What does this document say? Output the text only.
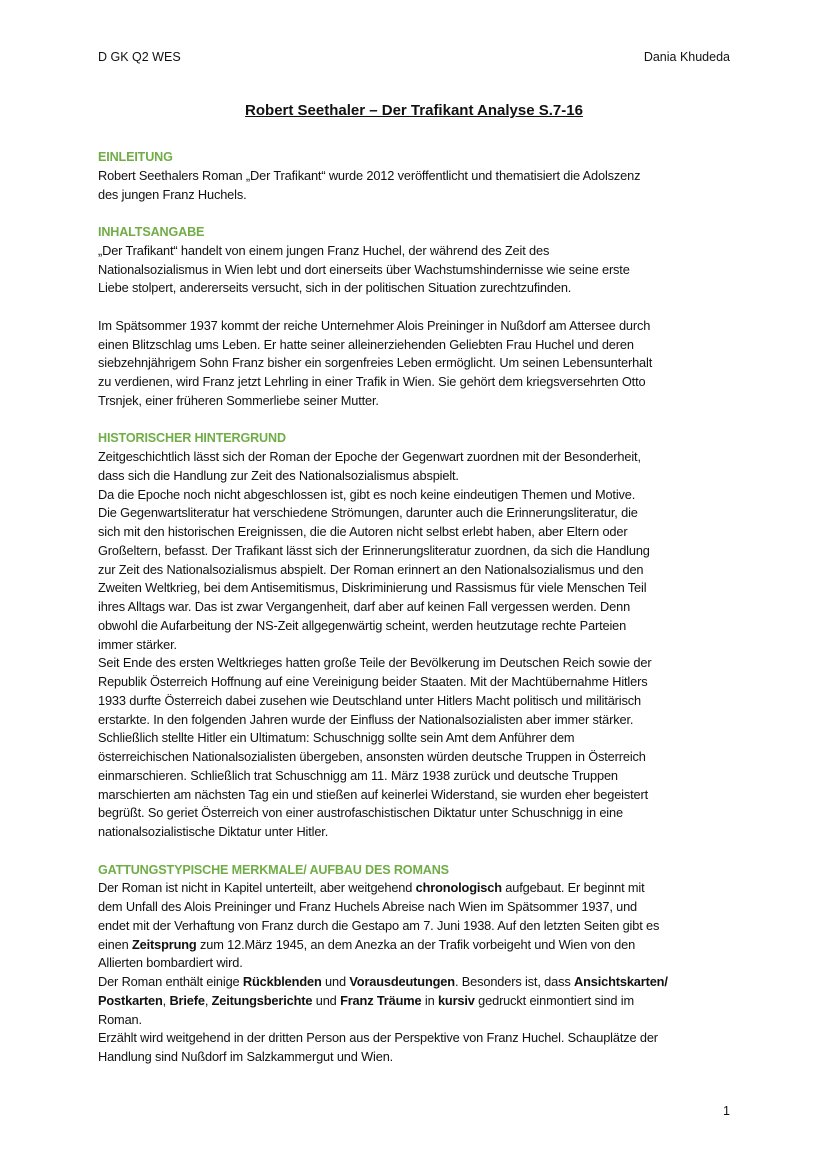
D GK Q2 WES	Dania Khudeda
Robert Seethaler – Der Trafikant Analyse S.7-16
EINLEITUNG
Robert Seethalers Roman „Der Trafikant“ wurde 2012 veröffentlicht und thematisiert die Adolszenz
des jungen Franz Huchels.
INHALTSANGABE
„Der Trafikant“ handelt von einem jungen Franz Huchel, der während des Zeit des
Nationalsozialismus in Wien lebt und dort einerseits über Wachstumshindernisse wie seine erste
Liebe stolpert, andererseits versucht, sich in der politischen Situation zurechtzufinden.
Im Spätsommer 1937 kommt der reiche Unternehmer Alois Preininger in Nußdorf am Attersee durch
einen Blitzschlag ums Leben. Er hatte seiner alleinerziehenden Geliebten Frau Huchel und deren
siebzehnjährigem Sohn Franz bisher ein sorgenfreies Leben ermöglicht. Um seinen Lebensunterhalt
zu verdienen, wird Franz jetzt Lehrling in einer Trafik in Wien. Sie gehört dem kriegsversehrten Otto
Trsnjek, einer früheren Sommerliebe seiner Mutter.
HISTORISCHER HINTERGRUND
Zeitgeschichtlich lässt sich der Roman der Epoche der Gegenwart zuordnen mit der Besonderheit,
dass sich die Handlung zur Zeit des Nationalsozialismus abspielt.
Da die Epoche noch nicht abgeschlossen ist, gibt es noch keine eindeutigen Themen und Motive.
Die Gegenwartsliteratur hat verschiedene Strömungen, darunter auch die Erinnerungsliteratur, die
sich mit den historischen Ereignissen, die die Autoren nicht selbst erlebt haben, aber Eltern oder
Großeltern, befasst. Der Trafikant lässt sich der Erinnerungsliteratur zuordnen, da sich die Handlung
zur Zeit des Nationalsozialismus abspielt. Der Roman erinnert an den Nationalsozialismus und den
Zweiten Weltkrieg, bei dem Antisemitismus, Diskriminierung und Rassismus für viele Menschen Teil
ihres Alltags war. Das ist zwar Vergangenheit, darf aber auf keinen Fall vergessen werden. Denn
obwohl die Aufarbeitung der NS-Zeit allgegenwärtig scheint, werden heutzutage rechte Parteien
immer stärker.
Seit Ende des ersten Weltkrieges hatten große Teile der Bevölkerung im Deutschen Reich sowie der
Republik Österreich Hoffnung auf eine Vereinigung beider Staaten. Mit der Machtübernahme Hitlers
1933 durfte Österreich dabei zusehen wie Deutschland unter Hitlers Macht politisch und militärisch
erstarkte. In den folgenden Jahren wurde der Einfluss der Nationalsozialisten aber immer stärker.
Schließlich stellte Hitler ein Ultimatum: Schuschnigg sollte sein Amt dem Anführer dem
österreichischen Nationalsozialisten übergeben, ansonsten würden deutsche Truppen in Österreich
einmarschieren. Schließlich trat Schuschnigg am 11. März 1938 zurück und deutsche Truppen
marschierten am nächsten Tag ein und stießen auf keinerlei Widerstand, sie wurden eher begeistert
begrüßt. So geriet Österreich von einer austrofaschistischen Diktatur unter Schuschnigg in eine
nationalsozialistische Diktatur unter Hitler.
GATTUNGSTYPISCHE MERKMALE/ AUFBAU DES ROMANS
Der Roman ist nicht in Kapitel unterteilt, aber weitgehend chronologisch aufgebaut. Er beginnt mit
dem Unfall des Alois Preininger und Franz Huchels Abreise nach Wien im Spätsommer 1937, und
endet mit der Verhaftung von Franz durch die Gestapo am 7. Juni 1938. Auf den letzten Seiten gibt es
einen Zeitsprung zum 12.März 1945, an dem Anezka an der Trafik vorbeigeht und Wien von den
Allierten bombardiert wird.
Der Roman enthält einige Rückblenden und Vorausdeutungen. Besonders ist, dass Ansichtskarten/
Postkarten, Briefe, Zeitungsberichte und Franz Träume in kursiv gedruckt einmontiert sind im
Roman.
Erzählt wird weitgehend in der dritten Person aus der Perspektive von Franz Huchel. Schauplätze der
Handlung sind Nußdorf im Salzkammergut und Wien.
1
